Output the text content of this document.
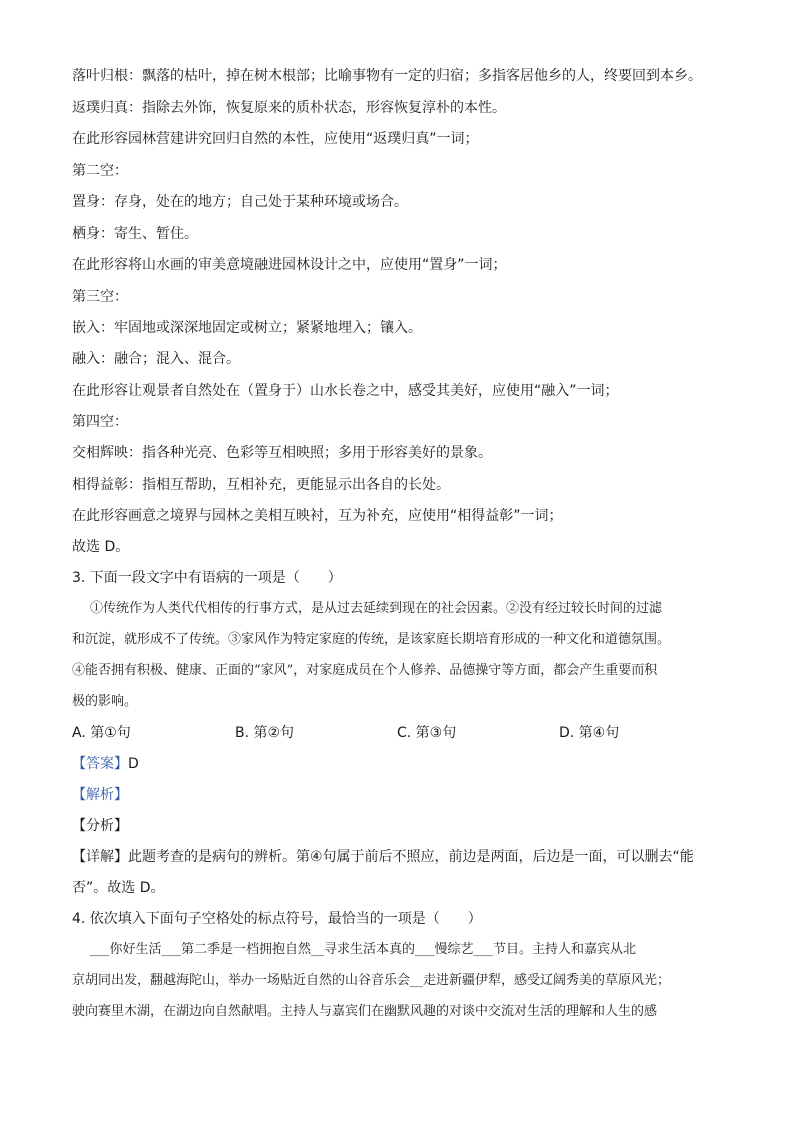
落叶归根：飘落的枯叶，掉在树木根部；比喻事物有一定的归宿；多指客居他乡的人，终要回到本乡。
返璞归真：指除去外饰，恢复原来的质朴状态，形容恢复淳朴的本性。
在此形容园林营建讲究回归自然的本性，应使用“返璞归真”一词；
第二空：
置身：存身，处在的地方；自己处于某种环境或场合。
栖身：寄生、暂住。
在此形容将山水画的审美意境融进园林设计之中，应使用“置身”一词；
第三空：
嵌入：牢固地或深深地固定或树立；紧紧地埋入；镶入。
融入：融合；混入、混合。
在此形容让观景者自然处在（置身于）山水长卷之中，感受其美好，应使用“融入”一词；
第四空：
交相辉映：指各种光亮、色彩等互相映照；多用于形容美好的景象。
相得益彰：指相互帮助，互相补充，更能显示出各自的长处。
在此形容画意之境界与园林之美相互映衬，互为补充，应使用“相得益彰”一词；
故选 D。
3. 下面一段文字中有语病的一项是（　　）

①传统作为人类代代相传的行事方式，是从过去延续到现在的社会因素。②没有经过较长时间的过滤

和沉淀，就形成不了传统。③家风作为特定家庭的传统，是该家庭长期培育形成的一种文化和道德氛围。

④能否拥有积极、健康、正面的“家风”，对家庭成员在个人修养、品德操守等方面，都会产生重要而积

极的影响。

A. 第①句	B. 第②句	C. 第③句	D. 第④句
【答案】D
【解析】
【分析】
【详解】此题考查的是病句的辨析。第④句属于前后不照应，前边是两面，后边是一面，可以删去“能
否”。故选 D。
4. 依次填入下面句子空格处的标点符号，最恰当的一项是（　　）

___你好生活___第二季是一档拥抱自然__寻求生活本真的___慢综艺___节目。主持人和嘉宾从北

京胡同出发，翻越海陀山，举办一场贴近自然的山谷音乐会__走进新疆伊犁，感受辽阔秀美的草原风光；

驶向赛里木湖，在湖边向自然献唱。主持人与嘉宾们在幽默风趣的对谈中交流对生活的理解和人生的感
